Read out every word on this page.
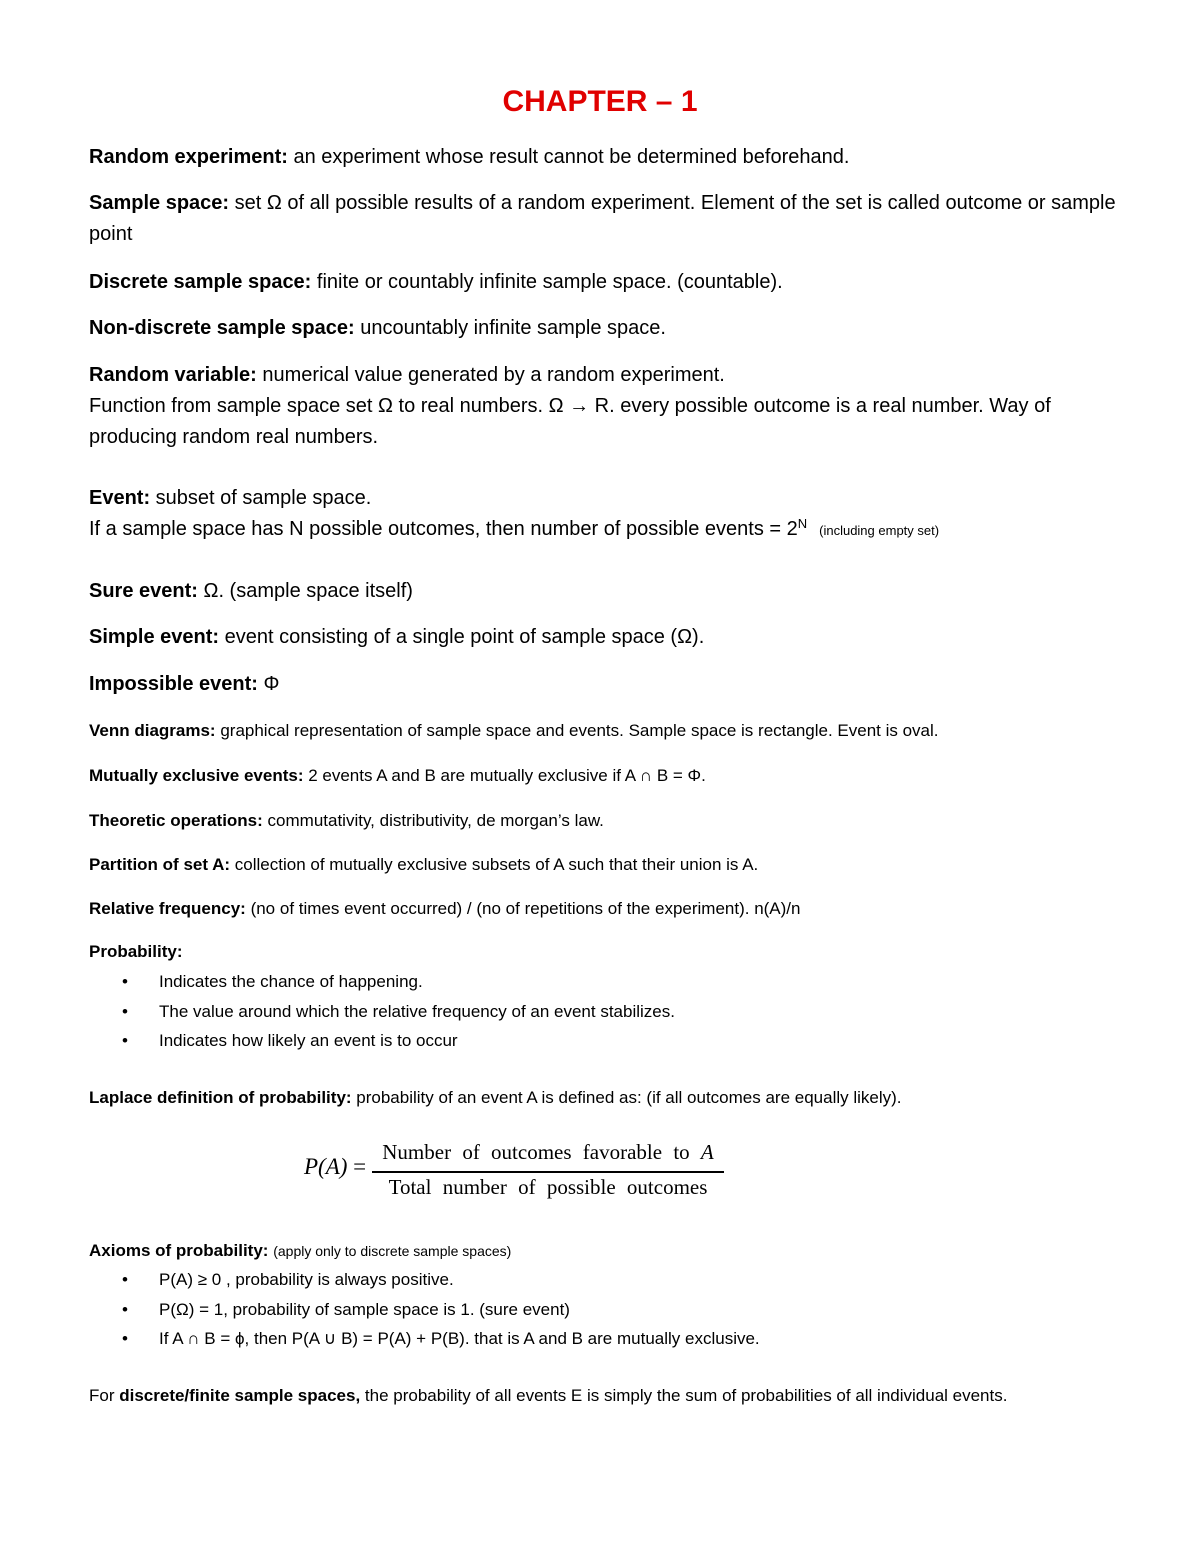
CHAPTER – 1

Random experiment: an experiment whose result cannot be determined beforehand.

Sample space: set Ω of all possible results of a random experiment. Element of the set is called outcome or sample point

Discrete sample space: finite or countably infinite sample space. (countable).

Non-discrete sample space: uncountably infinite sample space.

Random variable: numerical value generated by a random experiment.
Function from sample space set Ω to real numbers. Ω → R. every possible outcome is a real number. Way of producing random real numbers.

Event: subset of sample space.
If a sample space has N possible outcomes, then number of possible events = $2^N$ (including empty set)

Sure event: Ω. (sample space itself)

Simple event: event consisting of a single point of sample space (Ω).

Impossible event: Φ

Venn diagrams: graphical representation of sample space and events. Sample space is rectangle. Event is oval.

Mutually exclusive events: 2 events A and B are mutually exclusive if A ∩ B = Φ.

Theoretic operations: commutativity, distributivity, de morgan’s law.

Partition of set A: collection of mutually exclusive subsets of A such that their union is A.

Relative frequency: (no of times event occurred) / (no of repetitions of the experiment). n(A)/n

Probability:

• Indicates the chance of happening.
• The value around which the relative frequency of an event stabilizes.
• Indicates how likely an event is to occur

Laplace definition of probability: probability of an event A is defined as: (if all outcomes are equally likely).

P(A) =
Number of outcomes favorable to A
Total number of possible outcomes

Axioms of probability: (apply only to discrete sample spaces)

• P(A) ≥ 0 , probability is always positive.
• P(Ω) = 1, probability of sample space is 1. (sure event)
• If A ∩ B = ϕ, then P(A ∪ B) = P(A) + P(B). that is A and B are mutually exclusive.

For discrete/finite sample spaces, the probability of all events E is simply the sum of probabilities of all individual events.
